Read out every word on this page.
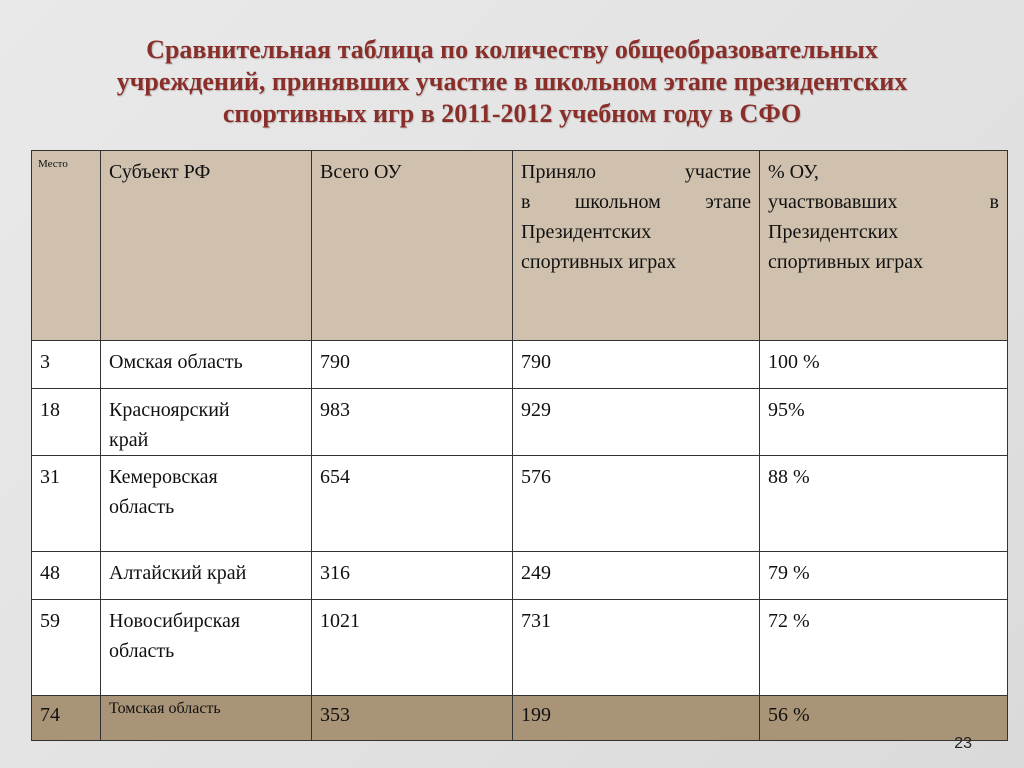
Сравнительная таблица по количеству общеобразовательных
учреждений, принявших участие в школьном этапе президентских
спортивных игр в 2011-2012 учебном году в СФО
Место	Субъект РФ	Всего ОУ	Приняло участие
в школьном этапе
Президентских
спортивных играх	% ОУ,
участвовавших в
Президентских
спортивных играх

3	Омская область	790	790	100 %
18	Красноярский
край	983	929	95%
31	Кемеровская
область	654	576	88 %
48	Алтайский край	316	249	79 %
59	Новосибирская
область	1021	731	72 %
74	Томская область	353	199	56 %
23
